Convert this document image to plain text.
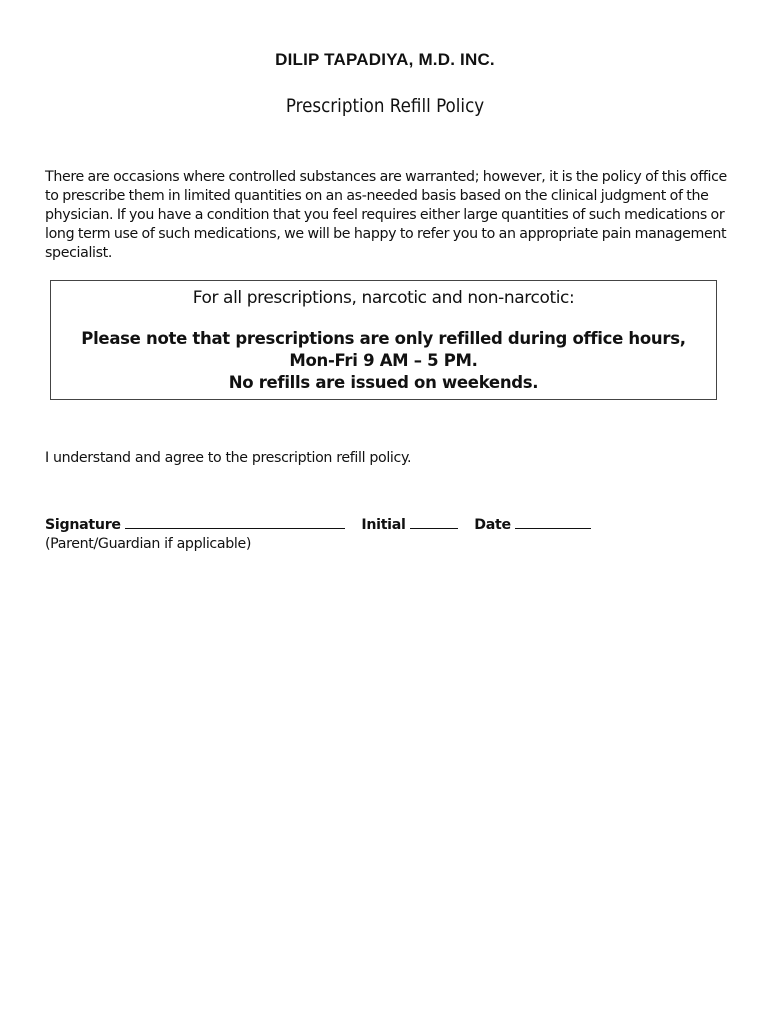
DILIP TAPADIYA, M.D. INC.
Prescription Refill Policy
There are occasions where controlled substances are warranted; however, it is the policy of this office to prescribe them in limited quantities on an as-needed basis based on the clinical judgment of the physician. If you have a condition that you feel requires either large quantities of such medications or long term use of such medications, we will be happy to refer you to an appropriate pain management specialist.
For all prescriptions, narcotic and non-narcotic:
Please note that prescriptions are only refilled during office hours, Mon-Fri 9 AM – 5 PM.
No refills are issued on weekends.
I understand and agree to the prescription refill policy.
Signature	Initial	Date
(Parent/Guardian if applicable)
